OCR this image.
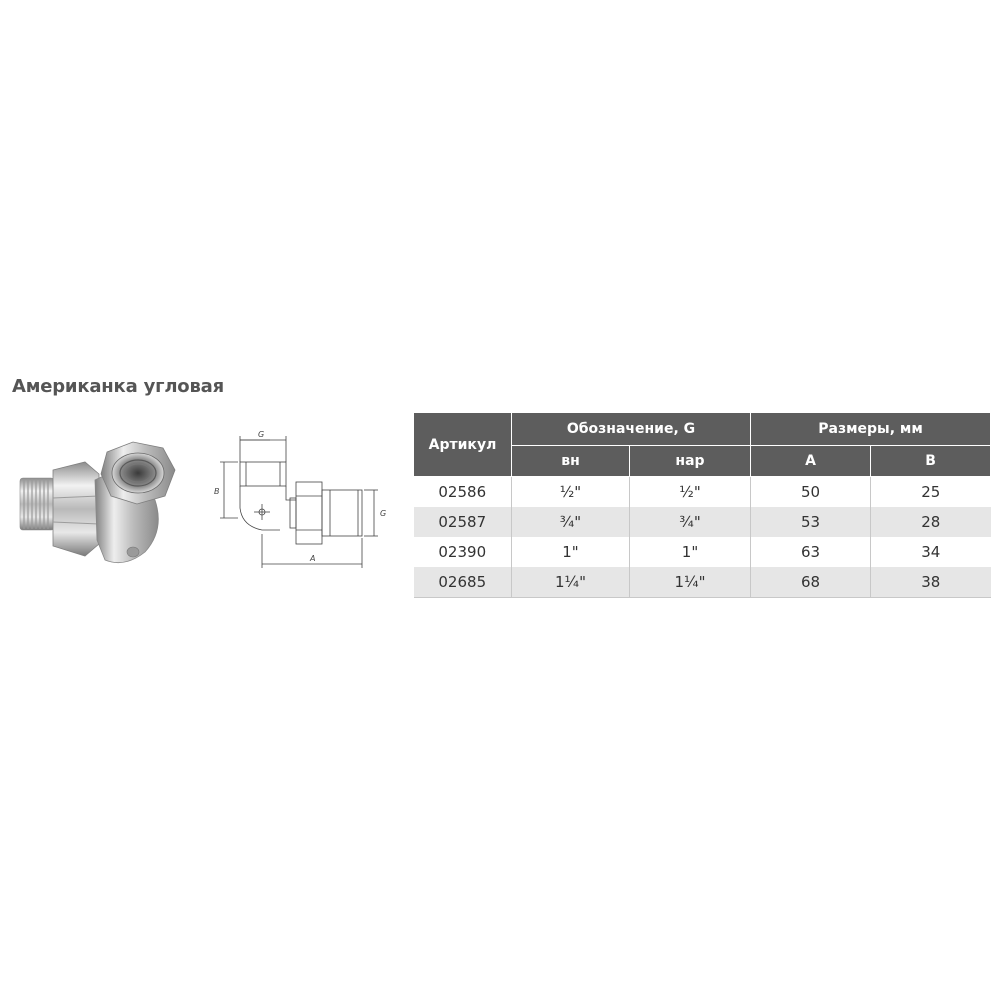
Американка угловая
G
B
A
G
Артикул	Обозначение, G		Размеры, мм	
	вн	нар	A	B
02586	½"	½"	50	25
02587	¾"	¾"	53	28
02390	1"	1"	63	34
02685	1¼"	1¼"	68	38
